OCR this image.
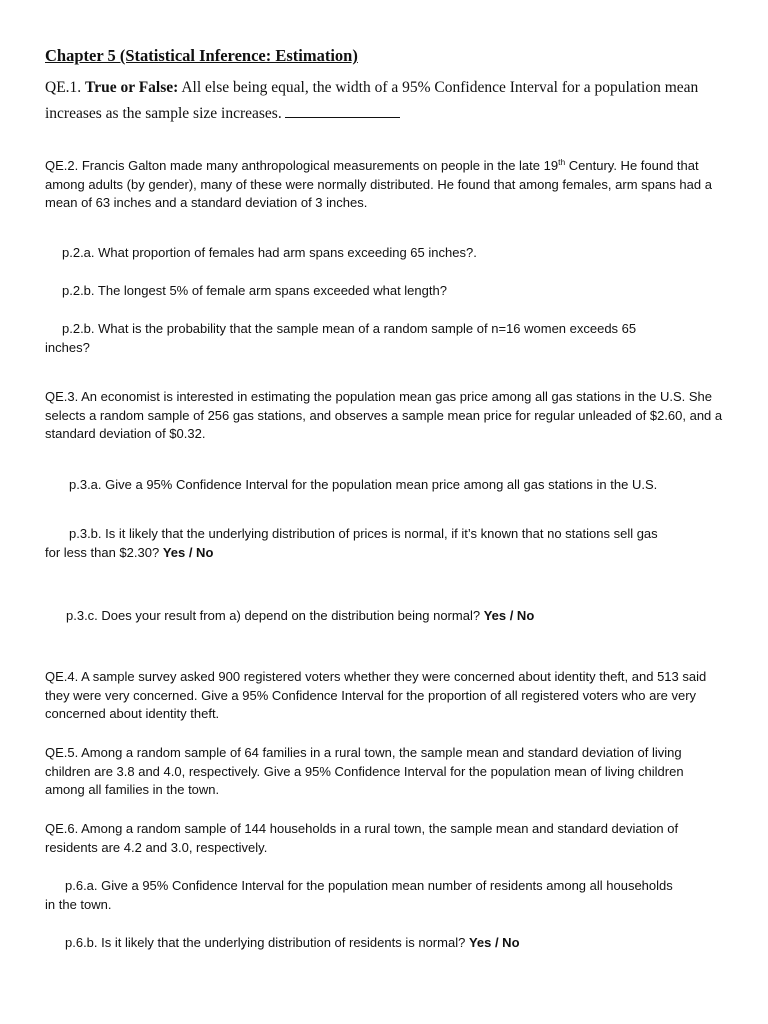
Chapter 5 (Statistical Inference: Estimation)
QE.1. True or False: All else being equal, the width of a 95% Confidence Interval for a population mean
increases as the sample size increases.
QE.2. Francis Galton made many anthropological measurements on people in the late 19th Century. He found that among adults (by gender), many of these were normally distributed. He found that among females, arm spans had a mean of 63 inches and a standard deviation of 3 inches.
p.2.a. What proportion of females had arm spans exceeding 65 inches?.
p.2.b. The longest 5% of female arm spans exceeded what length?
p.2.b. What is the probability that the sample mean of a random sample of n=16 women exceeds 65
inches?
QE.3. An economist is interested in estimating the population mean gas price among all gas stations in the U.S. She selects a random sample of 256 gas stations, and observes a sample mean price for regular unleaded of $2.60, and a standard deviation of $0.32.
p.3.a. Give a 95% Confidence Interval for the population mean price among all gas stations in the U.S.
p.3.b. Is it likely that the underlying distribution of prices is normal, if it’s known that no stations sell gas
for less than $2.30? Yes / No
p.3.c. Does your result from a) depend on the distribution being normal? Yes / No
QE.4. A sample survey asked 900 registered voters whether they were concerned about identity theft, and 513 said they were very concerned. Give a 95% Confidence Interval for the proportion of all registered voters who are very concerned about identity theft.
QE.5. Among a random sample of 64 families in a rural town, the sample mean and standard deviation of living children are 3.8 and 4.0, respectively. Give a 95% Confidence Interval for the population mean of living children among all families in the town.
QE.6. Among a random sample of 144 households in a rural town, the sample mean and standard deviation of residents are 4.2 and 3.0, respectively.
p.6.a. Give a 95% Confidence Interval for the population mean number of residents among all households
in the town.
p.6.b. Is it likely that the underlying distribution of residents is normal? Yes / No
